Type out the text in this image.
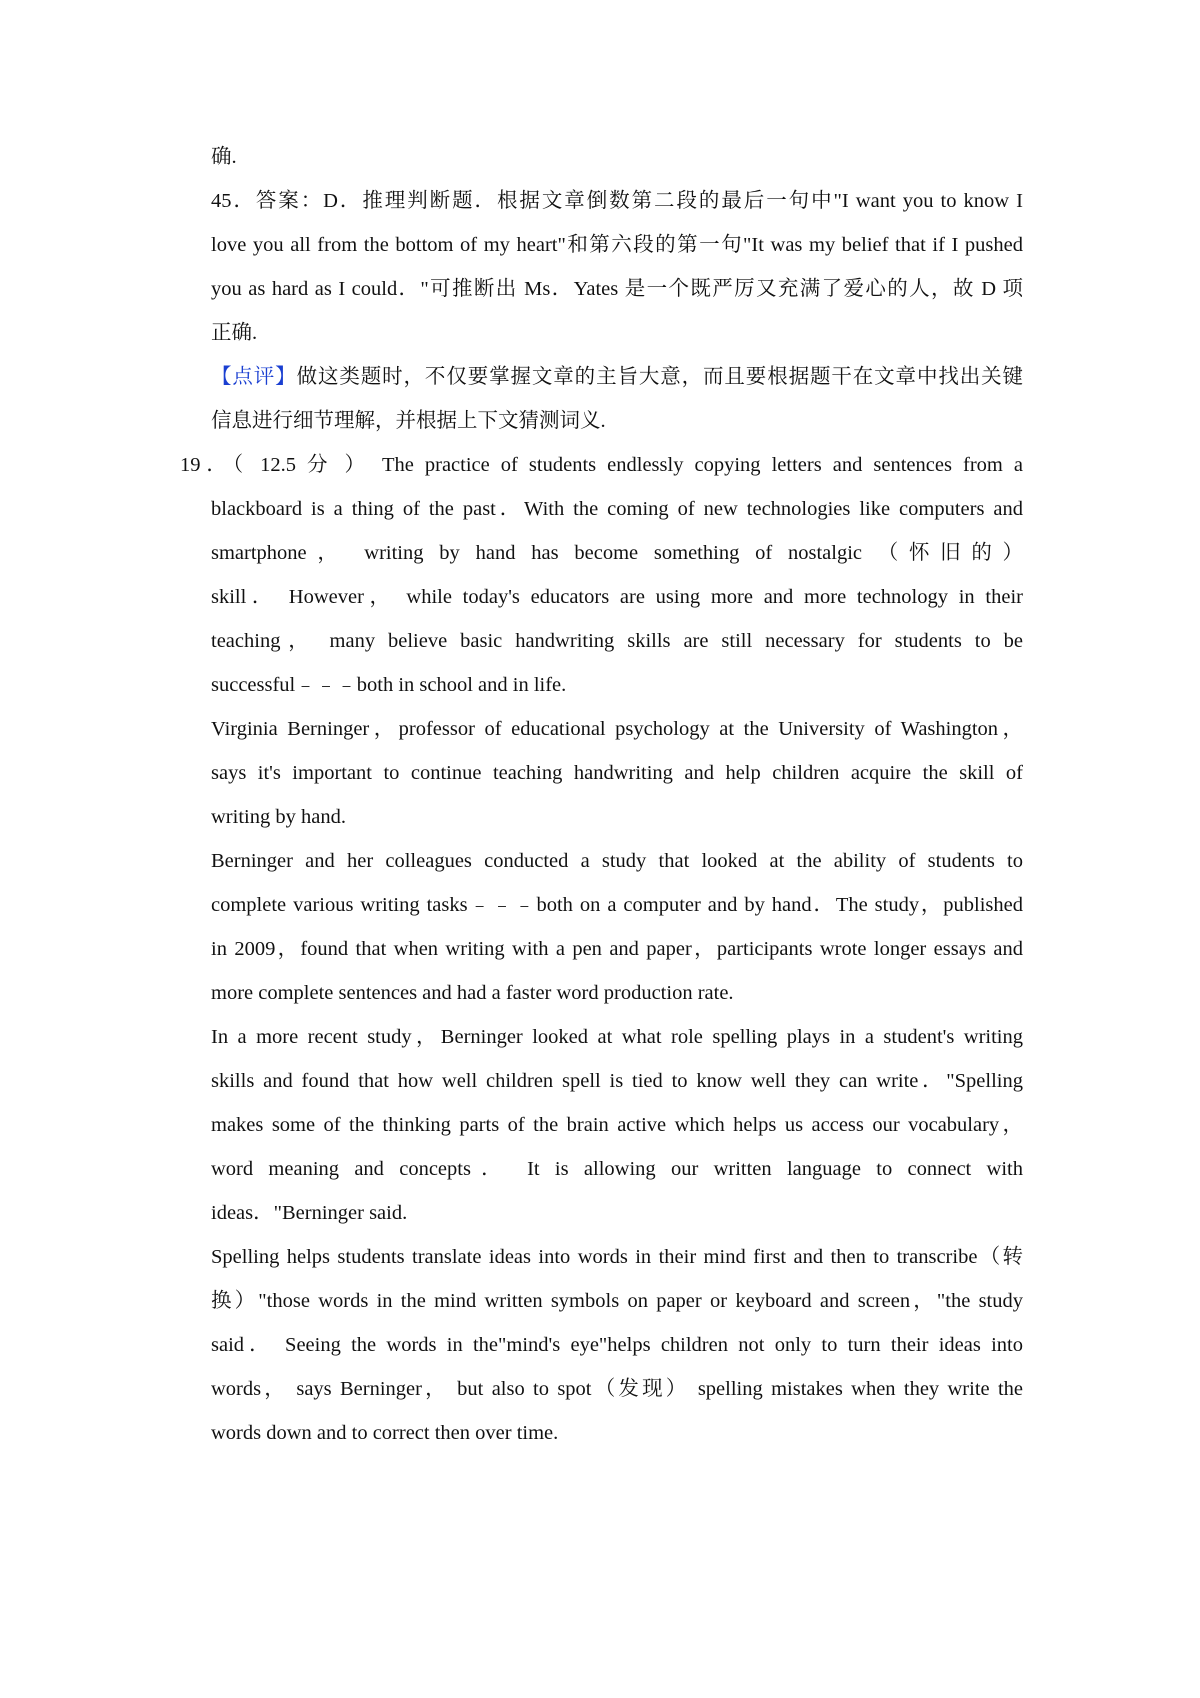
确.
45．答案：D．推理判断题．根据文章倒数第二段的最后一句中"I want you to know I
love you all from the bottom of my heart"和第六段的第一句"It was my belief that if I pushed
you as hard as I could．"可推断出 Ms．Yates 是一个既严厉又充满了爱心的人，故 D 项
正确.
【点评】做这类题时，不仅要掌握文章的主旨大意，而且要根据题干在文章中找出关键
信息进行细节理解，并根据上下文猜测词义.
19．（ 12.5 分 ） The practice of students endlessly copying letters and sentences from a
blackboard is a thing of the past．With the coming of new technologies like computers and
smartphone， writing by hand has become something of nostalgic （怀旧的）
skill． However， while today's educators are using more and more technology in their
teaching， many believe basic handwriting skills are still necessary for students to be
successful﹣﹣﹣both in school and in life.
Virginia Berninger，professor of educational psychology at the University of Washington，
says it's important to continue teaching handwriting and help children acquire the skill of
writing by hand.
Berninger and her colleagues conducted a study that looked at the ability of students to
complete various writing tasks﹣﹣﹣both on a computer and by hand．The study，published
in 2009，found that when writing with a pen and paper，participants wrote longer essays and
more complete sentences and had a faster word production rate.
In a more recent study，Berninger looked at what role spelling plays in a student's writing
skills and found that how well children spell is tied to know well they can write．"Spelling
makes some of the thinking parts of the brain active which helps us access our vocabulary，
word meaning and concepts． It is allowing our written language to connect with
ideas．"Berninger said.
Spelling helps students translate ideas into words in their mind first and then to transcribe（转
换）"those words in the mind written symbols on paper or keyboard and screen，"the study
said． Seeing the words in the"mind's eye"helps children not only to turn their ideas into
words， says Berninger， but also to spot（发现） spelling mistakes when they write the
words down and to correct then over time.
